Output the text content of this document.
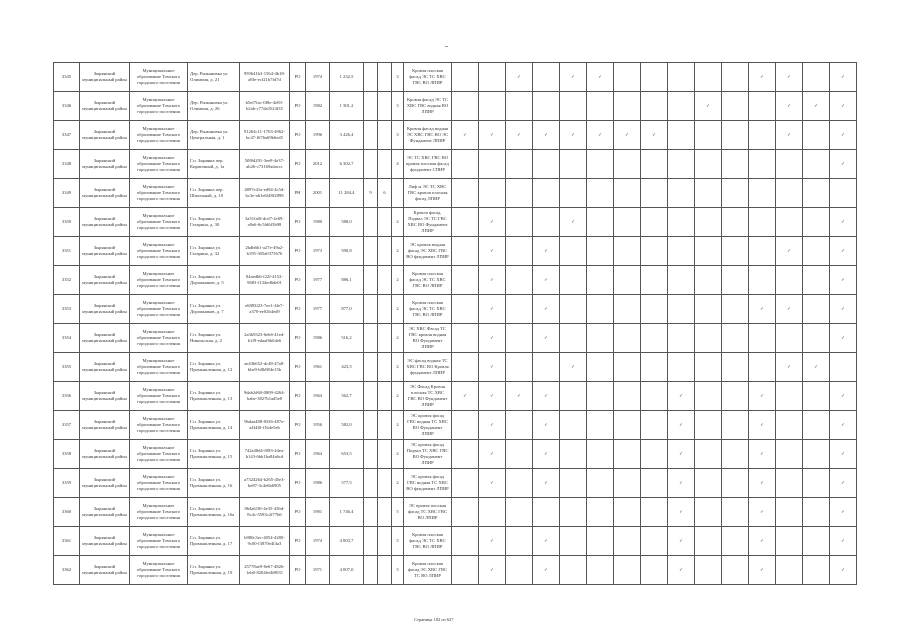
3345	Зырянский муниципальный район	Муниципальное образование Томского городского поселения	Дер. Рыжановка ул. Олимпия, д. 21	959641b3-1564-4b18-a8fe-ecf21b7fd7d	PO	1974	1 232,5			3	Кровля плоская фасад ЭС ТС ХВС ГВС ВО ЛПИР			✓		✓	✓						✓	✓		✓
3346	Зырянский муниципальный район	Муниципальное образование Томского городского поселения	Дер. Рыжановка ул. Олимпия, д. 26	b5ef7fac-0f8e-4e83-b2ab-c77da3524f35	PO	1982	1 301,2			3	Кровля фасад ЭС ТС ХВС ГВС водная ВО ЛПИР										✓			✓	✓	✓
3347	Зырянский муниципальный район	Муниципальное образование Томского городского поселения	Дер. Рыжановка ул. Центральная, д. 1	91264c11-1763-4962-bc47-f676a69b6ed5	PO	1996	3 426,4			3	Кровля фасад водная ЭС ХВС ГВС ВО ЭС Фундамент ЛПИР	✓	✓	✓	✓	✓	✓	✓	✓					✓		✓
3348	Зырянский муниципальный район	Муниципальное образование Томского городского поселения	Г.п. Зырянка пер. Кирпичный, д. 1а	5f80d291-3ee8-4e37-ab26-c73169adaccc	PO	2012	6 302,7			4	ЭС ТС ХВС ГВС ВО кровля плоская фасад фундамент СПИР															✓
3349	Зырянский муниципальный район	Муниципальное образование Томского городского поселения	Г.п. Зырянка пер. Шпальный, д. 10	4897e41a-ed94-4c5d-bc3e-ab1e6f48f2898	РН	2001	11 284,4	9	6		Лиф ы ЭС ТС ХВС ГВС кровля плоская фасад ЛПИР															
3350	Зырянский муниципальный район	Муниципальное образование Томского городского поселения	Г.п. Зырянка ул. Гагарина, д. 30	3a51fa0f-dcd7-4c69-a9a6-6c5fd6f3b98	PO	1980	588,0			2	Кровля фасад. Подвал ЭС ТС ГВС ХВС ВО Фундамент ЛПИР		✓			✓										✓
3351	Зырянский муниципальный район	Муниципальное образование Томского городского поселения	Г.п. Зырянка ул. Гагарина, д. 32	2bdb6b1-a27e-49a2-b195-305a0375676	PO	1973	590,8			2	ЭС кровля водная фасад ЭС ХВС ГВС ВО фундамент ЛПИР		✓		✓									✓		✓
3352	Зырянский муниципальный район	Муниципальное образование Томского городского поселения	Г.п. Зырянка ул. Дорожников, д. 5	84aedb6-f22f-4152-9683-f134ed6de01	PO	1977	886,1			2	Кровля плоская фасад ЭС ТС ХВС ГВС ВО ЛПИР		✓		✓											✓
3353	Зырянский муниципальный район	Муниципальное образование Томского городского поселения	Г.п. Зырянка ул. Дорожников, д. 7	e6883f23-7ee1-4fe7-a370-ee02b4ed9	PO	1977	877,0			2	Кровля плоская фасад ЭС ТС ХВС ГВС ВО ЛПИР		✓		✓								✓	✓		✓
3354	Зырянский муниципальный район	Муниципальное образование Томского городского поселения	Г.п. Зырянка ул. Никольская, д. 2	2a3b9323-6eb6-41ed-b1f9-edaaf6b64e6	PO	1986	516,2			2	ЭС ХВС Фасад ТС ГВС кровля водная ВО Фундамент ЛПИР		✓		✓											✓
3355	Зырянский муниципальный район	Муниципальное образование Томского городского поселения	Г.п. Зырянка ул. Промышленная, д. 12	ae43b652-dc48-47a8-bbe9-b8b984e15b	PO	1961	423,5			2	ЭС фасад водная ТС ХВС ГВС ВО Кровля фундамент ЛПИР		✓			✓								✓	✓	
3356	Зырянский муниципальный район	Муниципальное образование Томского городского поселения	Г.п. Зырянка ул. Промышленная, д. 13	9dab2d60-0809-4264-babe-3827b1ad5e8	PO	1964	562,7			2	ЭС Фасад Кровля плоская ТС ХВС ГВС ВО Фундамент ЛПИР	✓	✓	✓	✓					✓			✓			✓
3357	Зырянский муниципальный район	Муниципальное образование Томского городского поселения	Г.п. Зырянка ул. Промышленная, д. 14	9bdaa488-8336-487e-a4f4f0-f1b4e5eb	PO	1956	582,0			2	ЭС кровля фасад ГВС водная ТС ХВС ВО Фундамент ЛПИР		✓		✓					✓			✓			✓
3358	Зырянский муниципальный район	Муниципальное образование Томского городского поселения	Г.п. Зырянка ул. Промышленная, д. 15	742a48d4-f083-44ea-b143-6bb1ba84a6cd	PO	1964	653,5			2	ЭС кровля фасад Подвал ТС ХВС ГВС ВО Фундамент ЛПИР		✓		✓					✓			✓			✓
3359	Зырянский муниципальный район	Муниципальное образование Томского городского поселения	Г.п. Зырянка ул. Промышленная, д. 16	a7324264-b265-45e3-be87-3c4e6b6905	PO	1986	577,5			2	ЭС кровля фасад ГВС водная ТС ХВС ВО фундамент ЛПИР		✓		✓					✓			✓			✓
3360	Зырянский муниципальный район	Муниципальное образование Томского городского поселения	Г.п. Зырянка ул. Промышленная, д. 16а	864a618f-4e35-436d-8c4c-5593c2f77b6	PO	1981	1 746,4			5	ЭС кровля плоская фасад ТС ХВС ГВС ВО ЛПИР									✓			✓			✓
3361	Зырянский муниципальный район	Муниципальное образование Томского городского поселения	Г.п. Зырянка ул. Промышленная, д. 17	b980c3ec-4054-4280-9c00-f3870e4f4a3	PO	1974	4 003,7			5	Кровля плоская фасад ЭС ТС ХВС ГВС ВО ЛПИР		✓		✓					✓			✓			✓
3362	Зырянский муниципальный район	Муниципальное образование Томского городского поселения	Г.п. Зырянка ул. Промышленная, д. 19	25778ae9-8e67-4826-1eb0-8204fedb9031	PO	1971	4 007,0			5	Кровля плоская фасад ЭС ХВС ГВС ТС ВО ЛПИР		✓		✓					✓			✓			✓
Страница 182 из 627
